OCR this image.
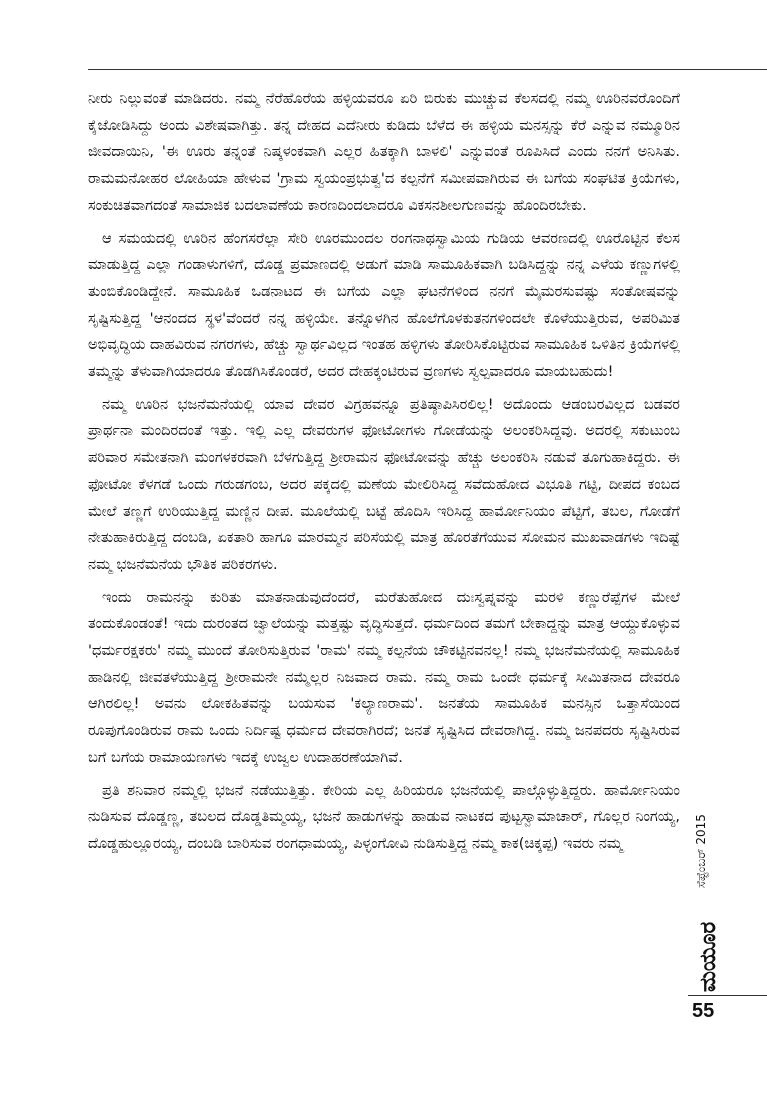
ನೀರು ನಿಲ್ಲುವಂತೆ ಮಾಡಿದರು. ನಮ್ಮ ನೆರೆಹೊರೆಯ ಹಳ್ಳಿಯವರೂ ಏರಿ ಬಿರುಕು ಮುಚ್ಚುವ ಕೆಲಸದಲ್ಲಿ ನಮ್ಮ ಊರಿನವರೊಂದಿಗೆ ಕೈಜೋಡಿಸಿದ್ದು ಅಂದು ವಿಶೇಷವಾಗಿತ್ತು. ತನ್ನ ದೇಹದ ಎದೆನೀರು ಕುಡಿದು ಬೆಳೆದ ಈ ಹಳ್ಳಿಯ ಮನಸ್ಸನ್ನು ಕೆರೆ ಎನ್ನುವ ನಮ್ಮೂರಿನ ಜೀವದಾಯಿನಿ, 'ಈ ಊರು ತನ್ನಂತೆ ನಿಷ್ಕಳಂಕವಾಗಿ ಎಲ್ಲರ ಹಿತಕ್ಕಾಗಿ ಬಾಳಲಿ' ಎನ್ನುವಂತೆ ರೂಪಿಸಿದೆ ಎಂದು ನನಗೆ ಅನಿಸಿತು. ರಾಮಮನೋಹರ ಲೋಹಿಯಾ ಹೇಳುವ 'ಗ್ರಾಮ ಸ್ವಯಂಪ್ರಭುತ್ವ'ದ ಕಲ್ಪನೆಗೆ ಸಮೀಪವಾಗಿರುವ ಈ ಬಗೆಯ ಸಂಘಟಿತ ಕ್ರಿಯೆಗಳು, ಸಂಕುಚಿತವಾಗದಂತೆ ಸಾಮಾಜಿಕ ಬದಲಾವಣೆಯ ಕಾರಣದಿಂದಲಾದರೂ ವಿಕಸನಶೀಲಗುಣವನ್ನು ಹೊಂದಿರಬೇಕು.

ಆ ಸಮಯದಲ್ಲಿ ಊರಿನ ಹೆಂಗಸರೆಲ್ಲಾ ಸೇರಿ ಊರಮುಂದಲ ರಂಗನಾಥಸ್ವಾಮಿಯ ಗುಡಿಯ ಆವರಣದಲ್ಲಿ ಊರೊಟ್ಟಿನ ಕೆಲಸ ಮಾಡುತ್ತಿದ್ದ ಎಲ್ಲಾ ಗಂಡಾಳುಗಳಿಗೆ, ದೊಡ್ಡ ಪ್ರಮಾಣದಲ್ಲಿ ಅಡುಗೆ ಮಾಡಿ ಸಾಮೂಹಿಕವಾಗಿ ಬಡಿಸಿದ್ದನ್ನು ನನ್ನ ಎಳೆಯ ಕಣ್ಣುಗಳಲ್ಲಿ ತುಂಬಿಕೊಂಡಿದ್ದೇನೆ. ಸಾಮೂಹಿಕ ಒಡನಾಟದ ಈ ಬಗೆಯ ಎಲ್ಲಾ ಘಟನೆಗಳಿಂದ ನನಗೆ ಮೈಮರಸುವಷ್ಟು ಸಂತೋಷವನ್ನು ಸೃಷ್ಟಿಸುತ್ತಿದ್ದ 'ಆನಂದದ ಸ್ಥಳ'ವೆಂದರೆ ನನ್ನ ಹಳ್ಳಿಯೇ. ತನ್ನೊಳಗಿನ ಹೊಲೆಗೊಳಕುತನಗಳಿಂದಲೇ ಕೊಳೆಯುತ್ತಿರುವ, ಅಪರಿಮಿತ ಅಭಿವೃದ್ಧಿಯ ದಾಹವಿರುವ ನಗರಗಳು, ಹೆಚ್ಚು ಸ್ವಾರ್ಥವಿಲ್ಲದ ಇಂತಹ ಹಳ್ಳಿಗಳು ತೋರಿಸಿಕೊಟ್ಟಿರುವ ಸಾಮೂಹಿಕ ಒಳಿತಿನ ಕ್ರಿಯೆಗಳಲ್ಲಿ ತಮ್ಮನ್ನು ತೆಳುವಾಗಿಯಾದರೂ ತೊಡಗಿಸಿಕೊಂಡರೆ, ಅದರ ದೇಹಕ್ಕಂಟಿರುವ ವ್ರಣಗಳು ಸ್ವಲ್ಪವಾದರೂ ಮಾಯಬಹುದು!

ನಮ್ಮ ಊರಿನ ಭಜನೆಮನೆಯಲ್ಲಿ ಯಾವ ದೇವರ ವಿಗ್ರಹವನ್ನೂ ಪ್ರತಿಷ್ಠಾಪಿಸಿರಲಿಲ್ಲ! ಅದೊಂದು ಆಡಂಬರವಿಲ್ಲದ ಬಡವರ ಪ್ರಾರ್ಥನಾ ಮಂದಿರದಂತೆ ಇತ್ತು. ಇಲ್ಲಿ ಎಲ್ಲ ದೇವರುಗಳ ಫೋಟೋಗಳು ಗೋಡೆಯನ್ನು ಅಲಂಕರಿಸಿದ್ದವು. ಅದರಲ್ಲಿ ಸಕುಟುಂಬ ಪರಿವಾರ ಸಮೇತನಾಗಿ ಮಂಗಳಕರವಾಗಿ ಬೆಳಗುತ್ತಿದ್ದ ಶ್ರೀರಾಮನ ಫೋಟೋವನ್ನು ಹೆಚ್ಚು ಅಲಂಕರಿಸಿ ನಡುವೆ ತೂಗುಹಾಕಿದ್ದರು. ಈ ಫೋಟೋ ಕೆಳಗಡೆ ಒಂದು ಗರುಡಗಂಬ, ಅದರ ಪಕ್ಕದಲ್ಲಿ ಮಣೆಯ ಮೇಲಿರಿಸಿದ್ದ ಸವೆದುಹೋದ ವಿಭೂತಿ ಗಟ್ಟಿ, ದೀಪದ ಕಂಬದ ಮೇಲೆ ತಣ್ಣಗೆ ಉರಿಯುತ್ತಿದ್ದ ಮಣ್ಣಿನ ದೀಪ. ಮೂಲೆಯಲ್ಲಿ ಬಟ್ಟೆ ಹೊದಿಸಿ ಇರಿಸಿದ್ದ ಹಾರ್ಮೋನಿಯಂ ಪೆಟ್ಟಿಗೆ, ತಬಲ, ಗೋಡೆಗೆ ನೇತುಹಾಕಿರುತ್ತಿದ್ದ ದಂಬಡಿ, ಏಕತಾರಿ ಹಾಗೂ ಮಾರಮ್ಮನ ಪರಿಸೆಯಲ್ಲಿ ಮಾತ್ರ ಹೊರತೆಗೆಯುವ ಸೋಮನ ಮುಖವಾಡಗಳು ಇದಿಷ್ಟೆ ನಮ್ಮ ಭಜನೆಮನೆಯ ಭೌತಿಕ ಪರಿಕರಗಳು.

ಇಂದು ರಾಮನನ್ನು ಕುರಿತು ಮಾತನಾಡುವುದೆಂದರೆ, ಮರೆತುಹೋದ ದುಃಸ್ವಪ್ನವನ್ನು ಮರಳಿ ಕಣ್ಣುರೆಪ್ಪೆಗಳ ಮೇಲೆ ತಂದುಕೊಂಡಂತೆ! ಇದು ದುರಂತದ ಜ್ವಾಲೆಯನ್ನು ಮತ್ತಷ್ಟು ವೃದ್ಧಿಸುತ್ತದೆ. ಧರ್ಮದಿಂದ ತಮಗೆ ಬೇಕಾದ್ದನ್ನು ಮಾತ್ರ ಆಯ್ದುಕೊಳ್ಳುವ 'ಧರ್ಮರಕ್ಷಕರು' ನಮ್ಮ ಮುಂದೆ ತೋರಿಸುತ್ತಿರುವ 'ರಾಮ' ನಮ್ಮ ಕಲ್ಪನೆಯ ಚೌಕಟ್ಟಿನವನಲ್ಲ! ನಮ್ಮ ಭಜನೆಮನೆಯಲ್ಲಿ ಸಾಮೂಹಿಕ ಹಾಡಿನಲ್ಲಿ ಜೀವತಳೆಯುತ್ತಿದ್ದ ಶ್ರೀರಾಮನೇ ನಮ್ಮೆಲ್ಲರ ನಿಜವಾದ ರಾಮ. ನಮ್ಮ ರಾಮ ಒಂದೇ ಧರ್ಮಕ್ಕೆ ಸೀಮಿತನಾದ ದೇವರೂ ಆಗಿರಲಿಲ್ಲ! ಅವನು ಲೋಕಹಿತವನ್ನು ಬಯಸುವ 'ಕಲ್ಯಾಣರಾಮ'. ಜನತೆಯ ಸಾಮೂಹಿಕ ಮನಸ್ಸಿನ ಒತ್ತಾಸೆಯಿಂದ ರೂಪುಗೊಂಡಿರುವ ರಾಮ ಒಂದು ನಿರ್ದಿಷ್ಟ ಧರ್ಮದ ದೇವರಾಗಿರದೆ; ಜನತೆ ಸೃಷ್ಟಿಸಿದ ದೇವರಾಗಿದ್ದ. ನಮ್ಮ ಜನಪದರು ಸೃಷ್ಟಿಸಿರುವ ಬಗೆ ಬಗೆಯ ರಾಮಾಯಣಗಳು ಇದಕ್ಕೆ ಉಜ್ವಲ ಉದಾಹರಣೆಯಾಗಿವೆ.

ಪ್ರತಿ ಶನಿವಾರ ನಮ್ಮಲ್ಲಿ ಭಜನೆ ನಡೆಯುತ್ತಿತ್ತು. ಕೇರಿಯ ಎಲ್ಲ ಹಿರಿಯರೂ ಭಜನೆಯಲ್ಲಿ ಪಾಲ್ಗೊಳ್ಳುತ್ತಿದ್ದರು. ಹಾರ್ಮೋನಿಯಂ ನುಡಿಸುವ ದೊಡ್ಡಣ್ಣ, ತಬಲದ ದೊಡ್ಡತಿಮ್ಮಯ್ಯ, ಭಜನೆ ಹಾಡುಗಳನ್ನು ಹಾಡುವ ನಾಟಕದ ಪುಟ್ಟಸ್ವಾಮಾಚಾರ್, ಗೊಲ್ಲರ ನಿಂಗಯ್ಯ, ದೊಡ್ಡಹುಲ್ಲೂರಯ್ಯ, ದಂಬಡಿ ಬಾರಿಸುವ ರಂಗಧಾಮಯ್ಯ, ಪಿಳ್ಳಂಗೋವಿ ನುಡಿಸುತ್ತಿದ್ದ ನಮ್ಮ ಕಾಕ(ಚಿಕ್ಕಪ್ಪ) ಇವರು ನಮ್ಮ	ಸೆಪ್ಟೆಂಬರ್ 2015
ಮಯೂರ
55
